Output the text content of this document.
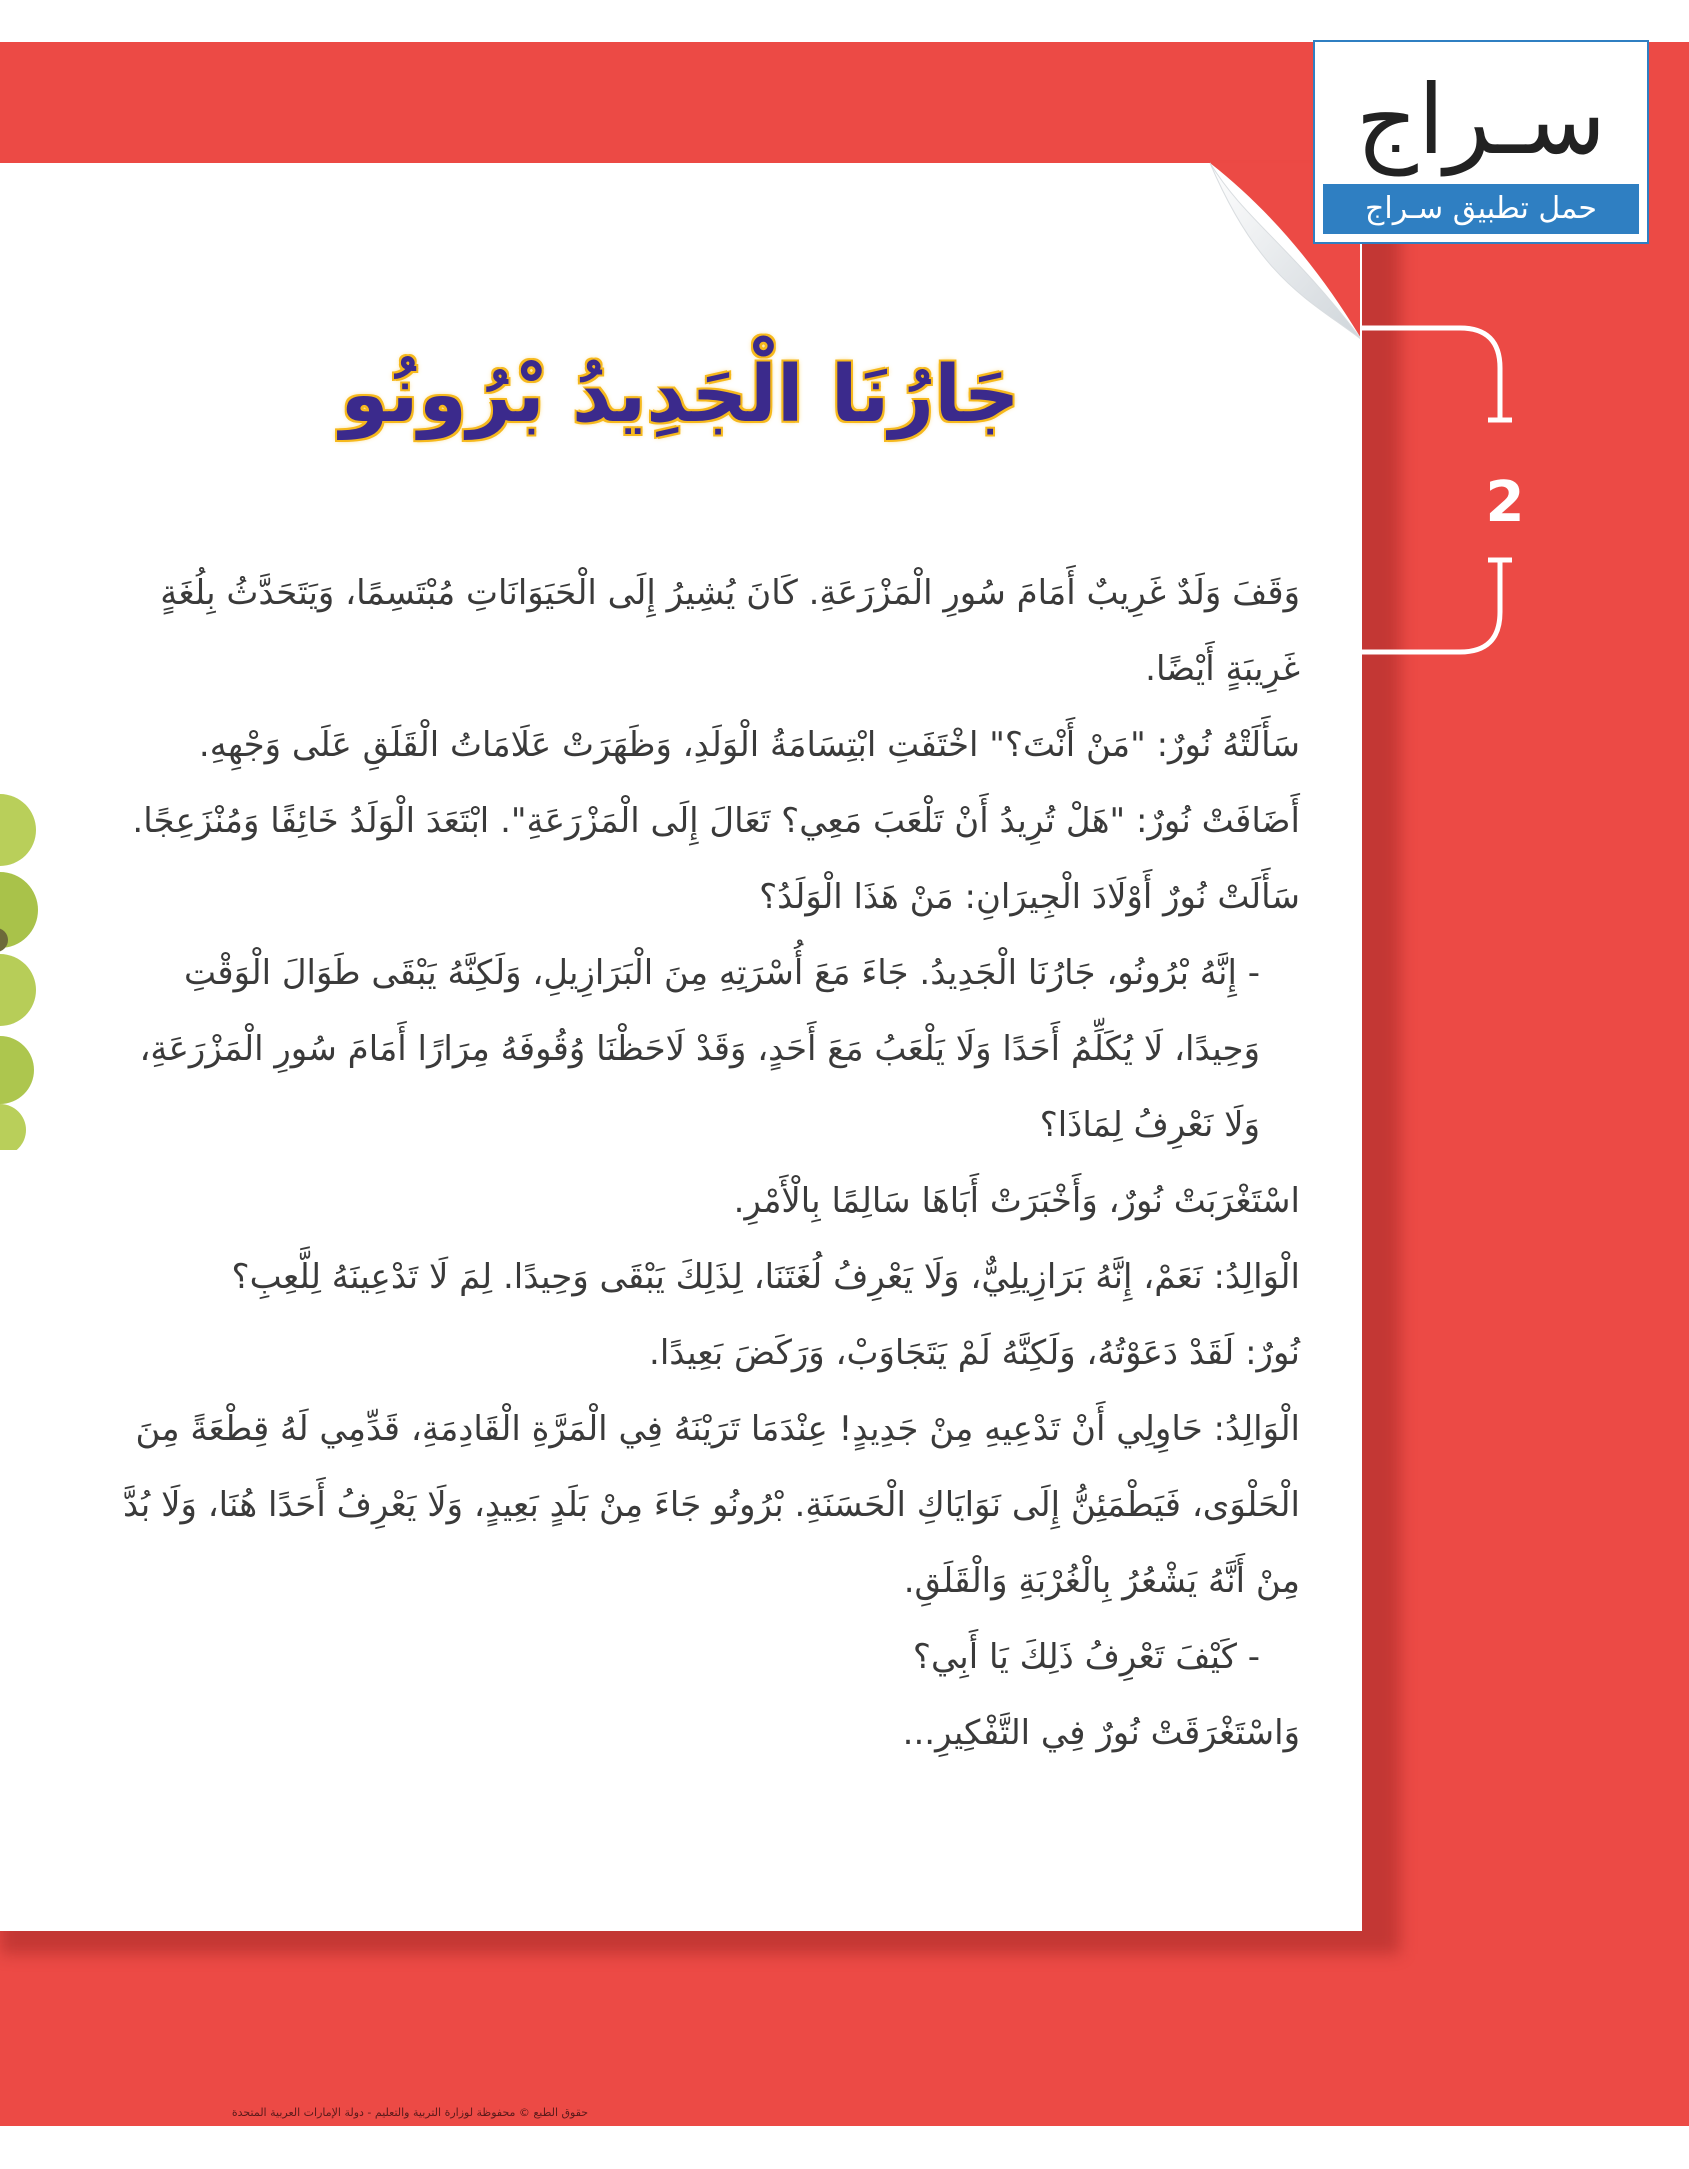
سـراج
حمل تطبيق سـراج
2
جَارُنَا الْجَدِيدُ بْرُونُو

وَقَفَ وَلَدٌ غَرِيبٌ أَمَامَ سُورِ الْمَزْرَعَةِ. كَانَ يُشِيرُ إِلَى الْحَيَوَانَاتِ مُبْتَسِمًا، وَيَتَحَدَّثُ بِلُغَةٍ غَرِيبَةٍ أَيْضًا.

سَأَلَتْهُ نُورٌ: "مَنْ أَنْتَ؟" اخْتَفَتِ ابْتِسَامَةُ الْوَلَدِ، وَظَهَرَتْ عَلَامَاتُ الْقَلَقِ عَلَى وَجْهِهِ.

أَضَافَتْ نُورٌ: "هَلْ تُرِيدُ أَنْ تَلْعَبَ مَعِي؟ تَعَالَ إِلَى الْمَزْرَعَةِ". ابْتَعَدَ الْوَلَدُ خَائِفًا وَمُنْزَعِجًا.

سَأَلَتْ نُورٌ أَوْلَادَ الْجِيرَانِ: مَنْ هَذَا الْوَلَدُ؟

- إِنَّهُ بْرُونُو، جَارُنَا الْجَدِيدُ. جَاءَ مَعَ أُسْرَتِهِ مِنَ الْبَرَازِيلِ، وَلَكِنَّهُ يَبْقَى طَوَالَ الْوَقْتِ وَحِيدًا، لَا يُكَلِّمُ أَحَدًا وَلَا يَلْعَبُ مَعَ أَحَدٍ، وَقَدْ لَاحَظْنَا وُقُوفَهُ مِرَارًا أَمَامَ سُورِ الْمَزْرَعَةِ، وَلَا نَعْرِفُ لِمَاذَا؟

اسْتَغْرَبَتْ نُورٌ، وَأَخْبَرَتْ أَبَاهَا سَالِمًا بِالْأَمْرِ.

الْوَالِدُ: نَعَمْ، إِنَّهُ بَرَازِيلِيٌّ، وَلَا يَعْرِفُ لُغَتَنَا، لِذَلِكَ يَبْقَى وَحِيدًا. لِمَ لَا تَدْعِينَهُ لِلَّعِبِ؟

نُورٌ: لَقَدْ دَعَوْتُهُ، وَلَكِنَّهُ لَمْ يَتَجَاوَبْ، وَرَكَضَ بَعِيدًا.

الْوَالِدُ: حَاوِلِي أَنْ تَدْعِيهِ مِنْ جَدِيدٍ! عِنْدَمَا تَرَيْنَهُ فِي الْمَرَّةِ الْقَادِمَةِ، قَدِّمِي لَهُ قِطْعَةً مِنَ الْحَلْوَى، فَيَطْمَئِنُّ إِلَى نَوَايَاكِ الْحَسَنَةِ. بْرُونُو جَاءَ مِنْ بَلَدٍ بَعِيدٍ، وَلَا يَعْرِفُ أَحَدًا هُنَا، وَلَا بُدَّ مِنْ أَنَّهُ يَشْعُرُ بِالْغُرْبَةِ وَالْقَلَقِ.

- كَيْفَ تَعْرِفُ ذَلِكَ يَا أَبِي؟

وَاسْتَغْرَقَتْ نُورٌ فِي التَّفْكِيرِ...

حقوق الطبع © محفوظة لوزارة التربية والتعليم - دولة الإمارات العربية المتحدة
